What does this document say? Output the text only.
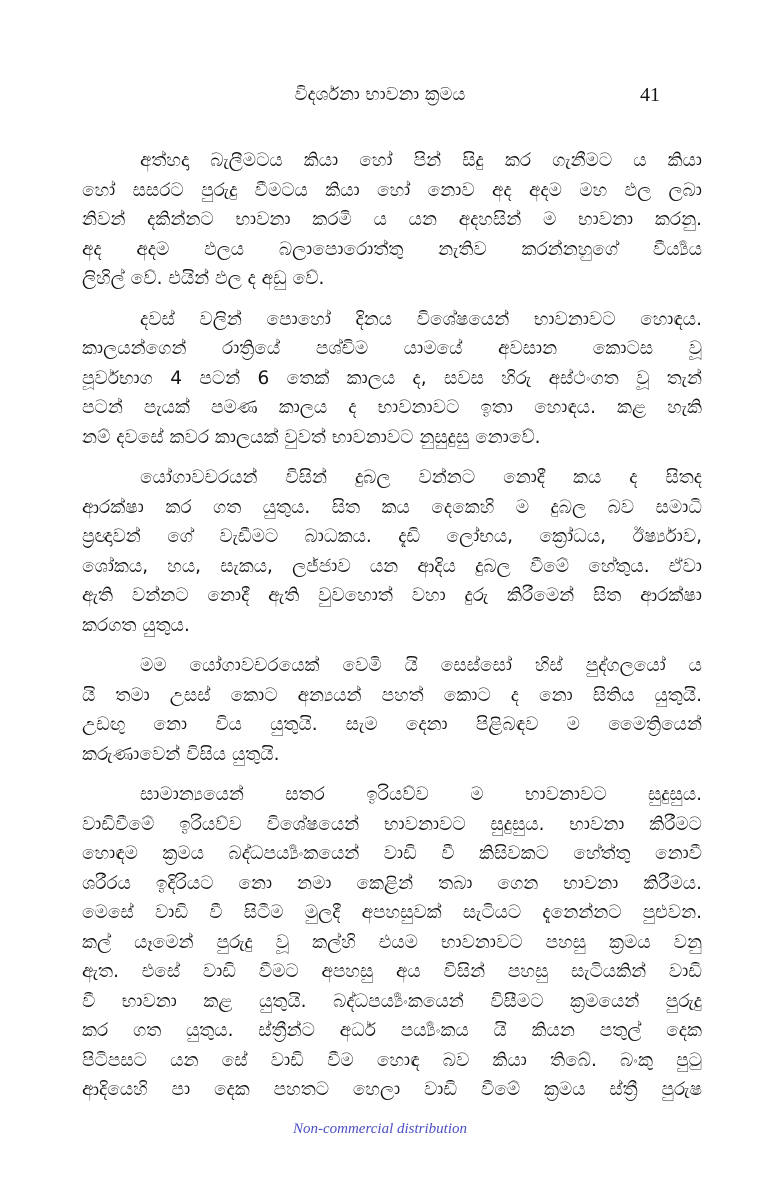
විදර්ශනා භාවනා ක්‍රමය	41
අත්හදා බැලීමටය කියා හෝ පින් සිදු කර ගැනීමට ය කියා
හෝ සසරට පුරුදු වීමටය කියා හෝ නොව අද අදම මහ ඵල ලබා
නිවන් දකින්නට භාවනා කරමි ය යන අදහසින් ම භාවනා කරනු.
අද අදම ඵලය බලාපොරොත්තු නැතිව කරන්නහුගේ වීර්‍ය්‍යය
ලිහිල් වේ. එයින් ඵල ද අඩු වේ.
දවස් වලින් පොහෝ දිනය විශේෂයෙන් භාවනාවට හොඳය.
කාලයන්ගෙන් රාත්‍රියේ පශ්චිම යාමයේ අවසාන කොටස වූ
පූර්වභාග 4 පටන් 6 තෙක් කාලය ද, සවස හිරු අස්ථංගත වූ තැන්
පටන් පැයක් පමණ කාලය ද භාවනාවට ඉතා හොඳය. කළ හැකි
නම් දවසේ කවර කාලයක් වුවත් භාවනාවට නුසුදුසු නොවේ.
යෝගාවචරයන් විසින් දුබල වන්නට නොදී කය ද සිතද
ආරක්ෂා කර ගත යුතුය. සිත කය දෙකෙහි ම දුබල බව සමාධි
ප්‍රඥාවන් ගේ වැඩීමට බාධකය. දැඩි ලෝභය, ක්‍රෝධය, ඊර්ෂ්‍යාව,
ශෝකය, හය, සැකය, ලජ්ජාව යන ආදිය දුබල වීමේ හේතුය. ඒවා
ඇති වන්නට නොදී ඇති වුවහොත් වහා දුරු කිරීමෙන් සිත ආරක්ෂා
කරගත යුතුය.
මම යෝගාවචරයෙක් වෙමි යි සෙස්සෝ හිස් පුද්ගලයෝ ය
යි තමා උසස් කොට අන්‍යයන් පහත් කොට ද නො සිතිය යුතුයි.
උඩඟු නො විය යුතුයි. සැම දෙනා පිළිබඳව ම මෛත්‍රියෙන්
කරුණාවෙන් විසිය යුතුයි.
සාමාන්‍යයෙන් සතර ඉරියව්ව ම භාවනාවට සුදුසුය.
වාඩිවීමේ ඉරියව්ව විශේෂයෙන් භාවනාවට සුදුසුය. භාවනා කිරීමට
හොඳම ක්‍රමය බද්ධපර්‍ය්‍යංකයෙන් වාඩි වී කිසිවකට හේත්තු නොවී
ශරීරය ඉදිරියට නො නමා කෙළින් තබා ගෙන භාවනා කිරීමය.
මෙසේ වාඩි වී සිටීම මුලදී අපහසුවක් සැටියට දැනෙන්නට පුළුවන.
කල් යෑමෙන් පුරුදු වූ කල්හි එයම භාවනාවට පහසු ක්‍රමය වනු
ඇත. එසේ වාඩි වීමට අපහසු අය විසින් පහසු සැටියකින් වාඩි
වී භාවනා කළ යුතුයි. බද්ධපර්‍ය්‍යංකයෙන් විසීමට ක්‍රමයෙන් පුරුදු
කර ගත යුතුය. ස්ත්‍රීන්ට අර්ධ පර්‍ය්‍යංකය යි කියන පතුල් දෙක
පිටිපසට යන සේ වාඩි වීම හොඳ බව කියා තිබේ. බංකු පුටු
ආදියෙහි පා දෙක පහතට හෙලා වාඩි වීමේ ක්‍රමය ස්ත්‍රී පුරුෂ
Non-commercial distribution
